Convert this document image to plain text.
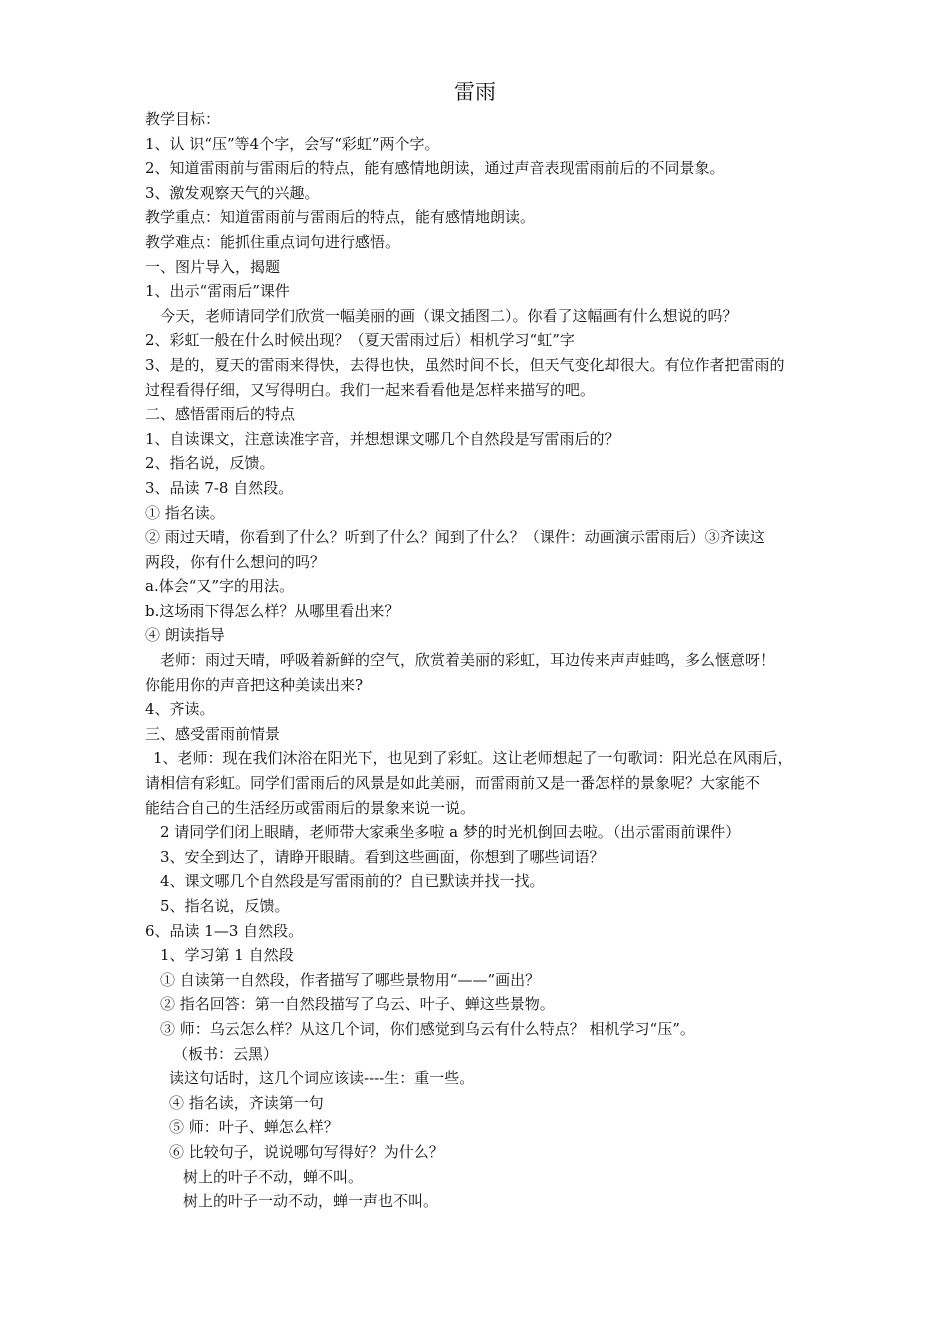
雷雨
教学目标：
1、认 识“压”等4个字，会写“彩虹”两个字。
2、知道雷雨前与雷雨后的特点，能有感情地朗读，通过声音表现雷雨前后的不同景象。
3、激发观察天气的兴趣。
教学重点：知道雷雨前与雷雨后的特点，能有感情地朗读。
教学难点：能抓住重点词句进行感悟。
一、图片导入，揭题
1、出示“雷雨后”课件
今天，老师请同学们欣赏一幅美丽的画（课文插图二）。你看了这幅画有什么想说的吗？
2、彩虹一般在什么时候出现？（夏天雷雨过后）相机学习“虹”字
3、是的，夏天的雷雨来得快，去得也快，虽然时间不长，但天气变化却很大。有位作者把雷雨的
过程看得仔细，又写得明白。我们一起来看看他是怎样来描写的吧。
二、感悟雷雨后的特点
1、自读课文，注意读准字音，并想想课文哪几个自然段是写雷雨后的？
2、指名说，反馈。
3、品读 7-8 自然段。
① 指名读。
② 雨过天晴，你看到了什么？听到了什么？闻到了什么？（课件：动画演示雷雨后）③齐读这
两段，你有什么想问的吗？
a.体会“又”字的用法。
b.这场雨下得怎么样？从哪里看出来？
④ 朗读指导
老师：雨过天晴，呼吸着新鲜的空气，欣赏着美丽的彩虹，耳边传来声声蛙鸣，多么惬意呀！
你能用你的声音把这种美读出来?
4、齐读。
三、感受雷雨前情景
1、老师：现在我们沐浴在阳光下，也见到了彩虹。这让老师想起了一句歌词：阳光总在风雨后，
请相信有彩虹。同学们雷雨后的风景是如此美丽，而雷雨前又是一番怎样的景象呢？大家能不
能结合自己的生活经历或雷雨后的景象来说一说。
2 请同学们闭上眼睛，老师带大家乘坐多啦 a 梦的时光机倒回去啦。（出示雷雨前课件）
3、安全到达了，请睁开眼睛。看到这些画面，你想到了哪些词语？
4、课文哪几个自然段是写雷雨前的？自已默读并找一找。
5、指名说，反馈。
6、品读 1—3 自然段。
1、学习第 1 自然段
① 自读第一自然段，作者描写了哪些景物用“——”画出？
② 指名回答：第一自然段描写了乌云、叶子、蝉这些景物。
③ 师：乌云怎么样？从这几个词，你们感觉到乌云有什么特点？ 相机学习“压”。
（板书：云黑）
读这句话时，这几个词应该读----生：重一些。
④ 指名读，齐读第一句
⑤ 师：叶子、蝉怎么样？
⑥ 比较句子，说说哪句写得好？为什么？
树上的叶子不动，蝉不叫。
树上的叶子一动不动，蝉一声也不叫。
